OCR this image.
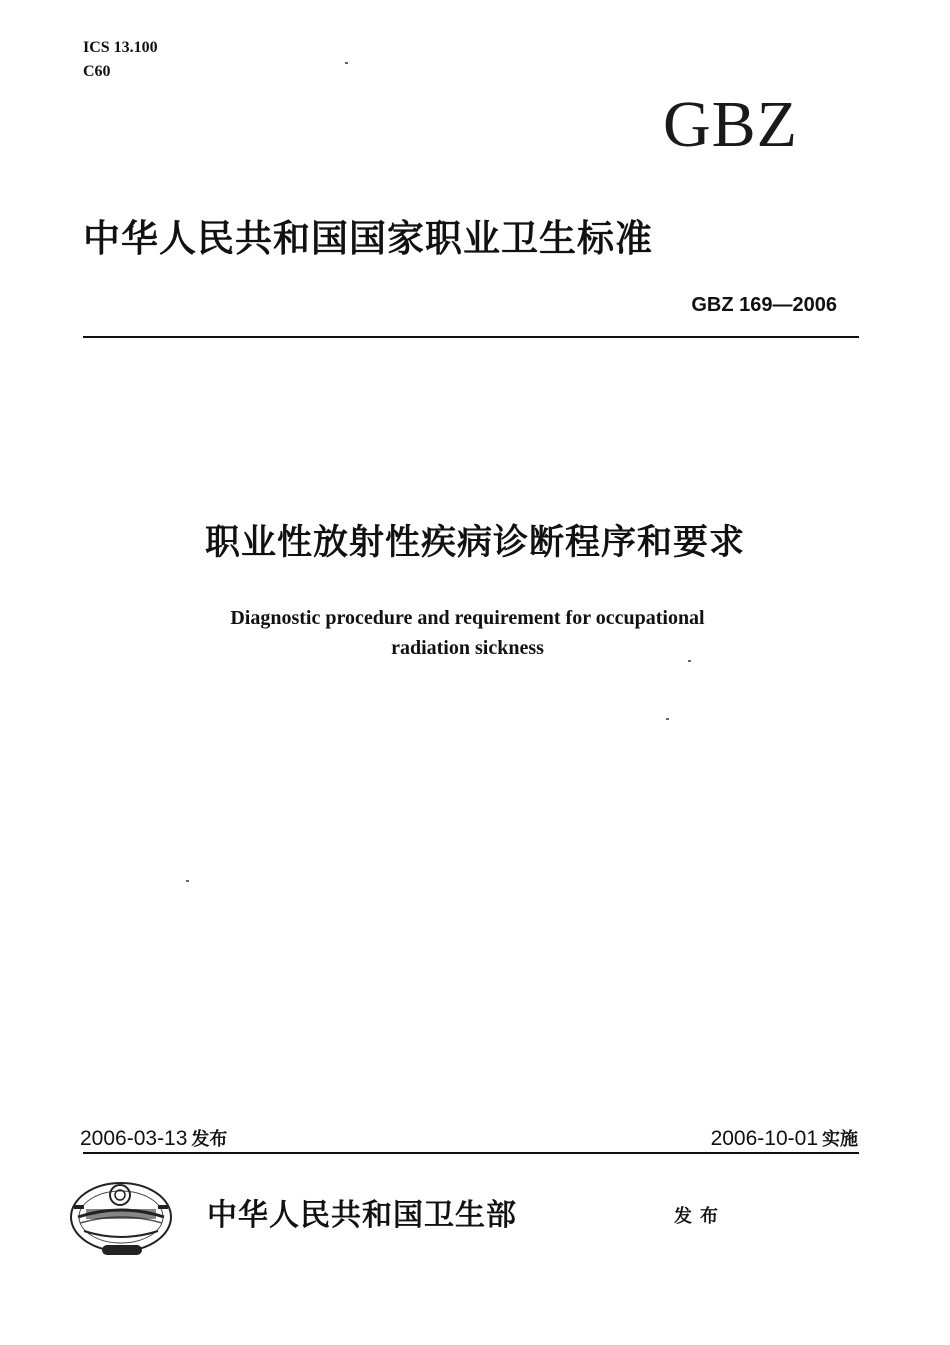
ICS 13.100
C60
GBZ
中华人民共和国国家职业卫生标准
GBZ 169—2006
职业性放射性疾病诊断程序和要求
Diagnostic procedure and requirement for occupational
radiation sickness
2006-03-13 发布	2006-10-01 实施
中华人民共和国卫生部	发布
